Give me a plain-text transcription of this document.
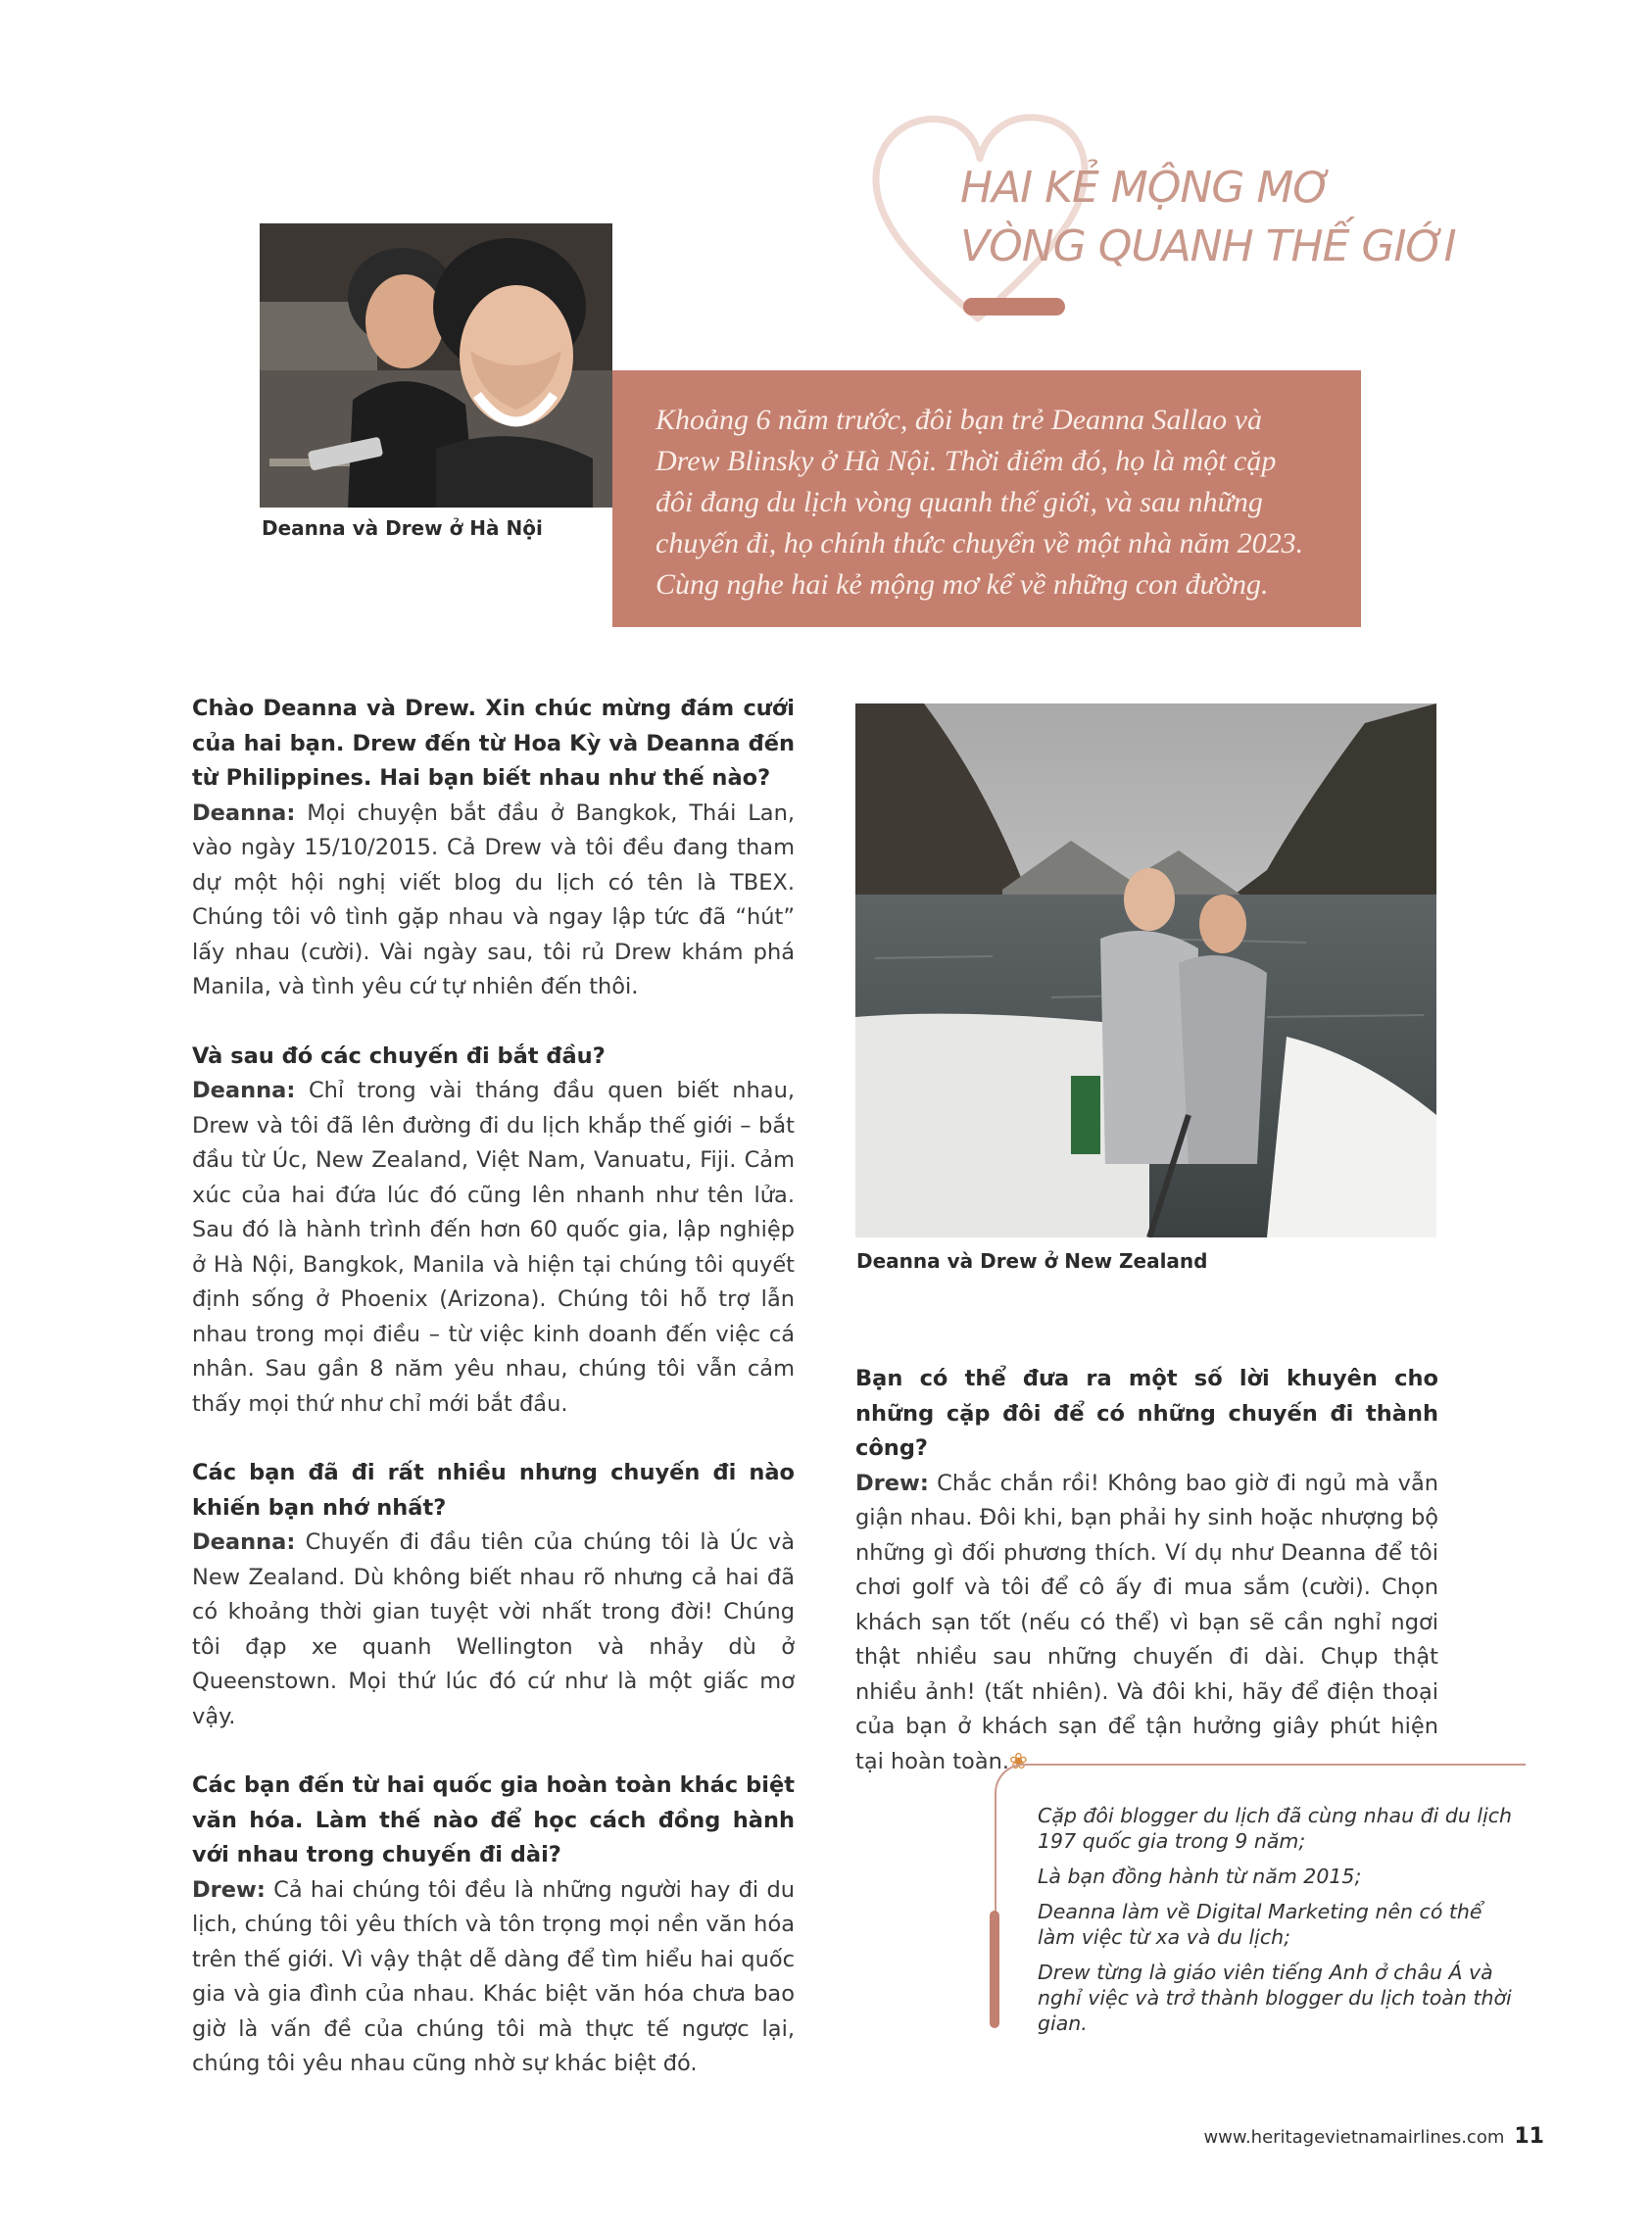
HAI KẺ MỘNG MƠ
VÒNG QUANH THẾ GIỚI
Deanna và Drew ở Hà Nội

Khoảng 6 năm trước, đôi bạn trẻ Deanna Sallao và Drew Blinsky ở Hà Nội. Thời điểm đó, họ là một cặp đôi đang du lịch vòng quanh thế giới, và sau những chuyến đi, họ chính thức chuyển về một nhà năm 2023. Cùng nghe hai kẻ mộng mơ kể về những con đường.

Chào Deanna và Drew. Xin chúc mừng đám cưới của hai bạn. Drew đến từ Hoa Kỳ và Deanna đến từ Philippines. Hai bạn biết nhau như thế nào?

Deanna: Mọi chuyện bắt đầu ở Bangkok, Thái Lan, vào ngày 15/10/2015. Cả Drew và tôi đều đang tham dự một hội nghị viết blog du lịch có tên là TBEX. Chúng tôi vô tình gặp nhau và ngay lập tức đã “hút” lấy nhau (cười). Vài ngày sau, tôi rủ Drew khám phá Manila, và tình yêu cứ tự nhiên đến thôi.

Và sau đó các chuyến đi bắt đầu?

Deanna: Chỉ trong vài tháng đầu quen biết nhau, Drew và tôi đã lên đường đi du lịch khắp thế giới – bắt đầu từ Úc, New Zealand, Việt Nam, Vanuatu, Fiji. Cảm xúc của hai đứa lúc đó cũng lên nhanh như tên lửa. Sau đó là hành trình đến hơn 60 quốc gia, lập nghiệp ở Hà Nội, Bangkok, Manila và hiện tại chúng tôi quyết định sống ở Phoenix (Arizona). Chúng tôi hỗ trợ lẫn nhau trong mọi điều – từ việc kinh doanh đến việc cá nhân. Sau gần 8 năm yêu nhau, chúng tôi vẫn cảm thấy mọi thứ như chỉ mới bắt đầu.

Các bạn đã đi rất nhiều nhưng chuyến đi nào khiến bạn nhớ nhất?

Deanna: Chuyến đi đầu tiên của chúng tôi là Úc và New Zealand. Dù không biết nhau rõ nhưng cả hai đã có khoảng thời gian tuyệt vời nhất trong đời! Chúng tôi đạp xe quanh Wellington và nhảy dù ở Queenstown. Mọi thứ lúc đó cứ như là một giấc mơ vậy.

Các bạn đến từ hai quốc gia hoàn toàn khác biệt văn hóa. Làm thế nào để học cách đồng hành với nhau trong chuyến đi dài?

Drew: Cả hai chúng tôi đều là những người hay đi du lịch, chúng tôi yêu thích và tôn trọng mọi nền văn hóa trên thế giới. Vì vậy thật dễ dàng để tìm hiểu hai quốc gia và gia đình của nhau. Khác biệt văn hóa chưa bao giờ là vấn đề của chúng tôi mà thực tế ngược lại, chúng tôi yêu nhau cũng nhờ sự khác biệt đó.

Deanna và Drew ở New Zealand

Bạn có thể đưa ra một số lời khuyên cho những cặp đôi để có những chuyến đi thành công?

Drew: Chắc chắn rồi! Không bao giờ đi ngủ mà vẫn giận nhau. Đôi khi, bạn phải hy sinh hoặc nhượng bộ những gì đối phương thích. Ví dụ như Deanna để tôi chơi golf và tôi để cô ấy đi mua sắm (cười). Chọn khách sạn tốt (nếu có thể) vì bạn sẽ cần nghỉ ngơi thật nhiều sau những chuyến đi dài. Chụp thật nhiều ảnh! (tất nhiên). Và đôi khi, hãy để điện thoại của bạn ở khách sạn để tận hưởng giây phút hiện tại hoàn toàn.❀

Cặp đôi blogger du lịch đã cùng nhau đi du lịch 197 quốc gia trong 9 năm;
Là bạn đồng hành từ năm 2015;
Deanna làm về Digital Marketing nên có thể làm việc từ xa và du lịch;
Drew từng là giáo viên tiếng Anh ở châu Á và nghỉ việc và trở thành blogger du lịch toàn thời gian.
www.heritagevietnamairlines.com 11
